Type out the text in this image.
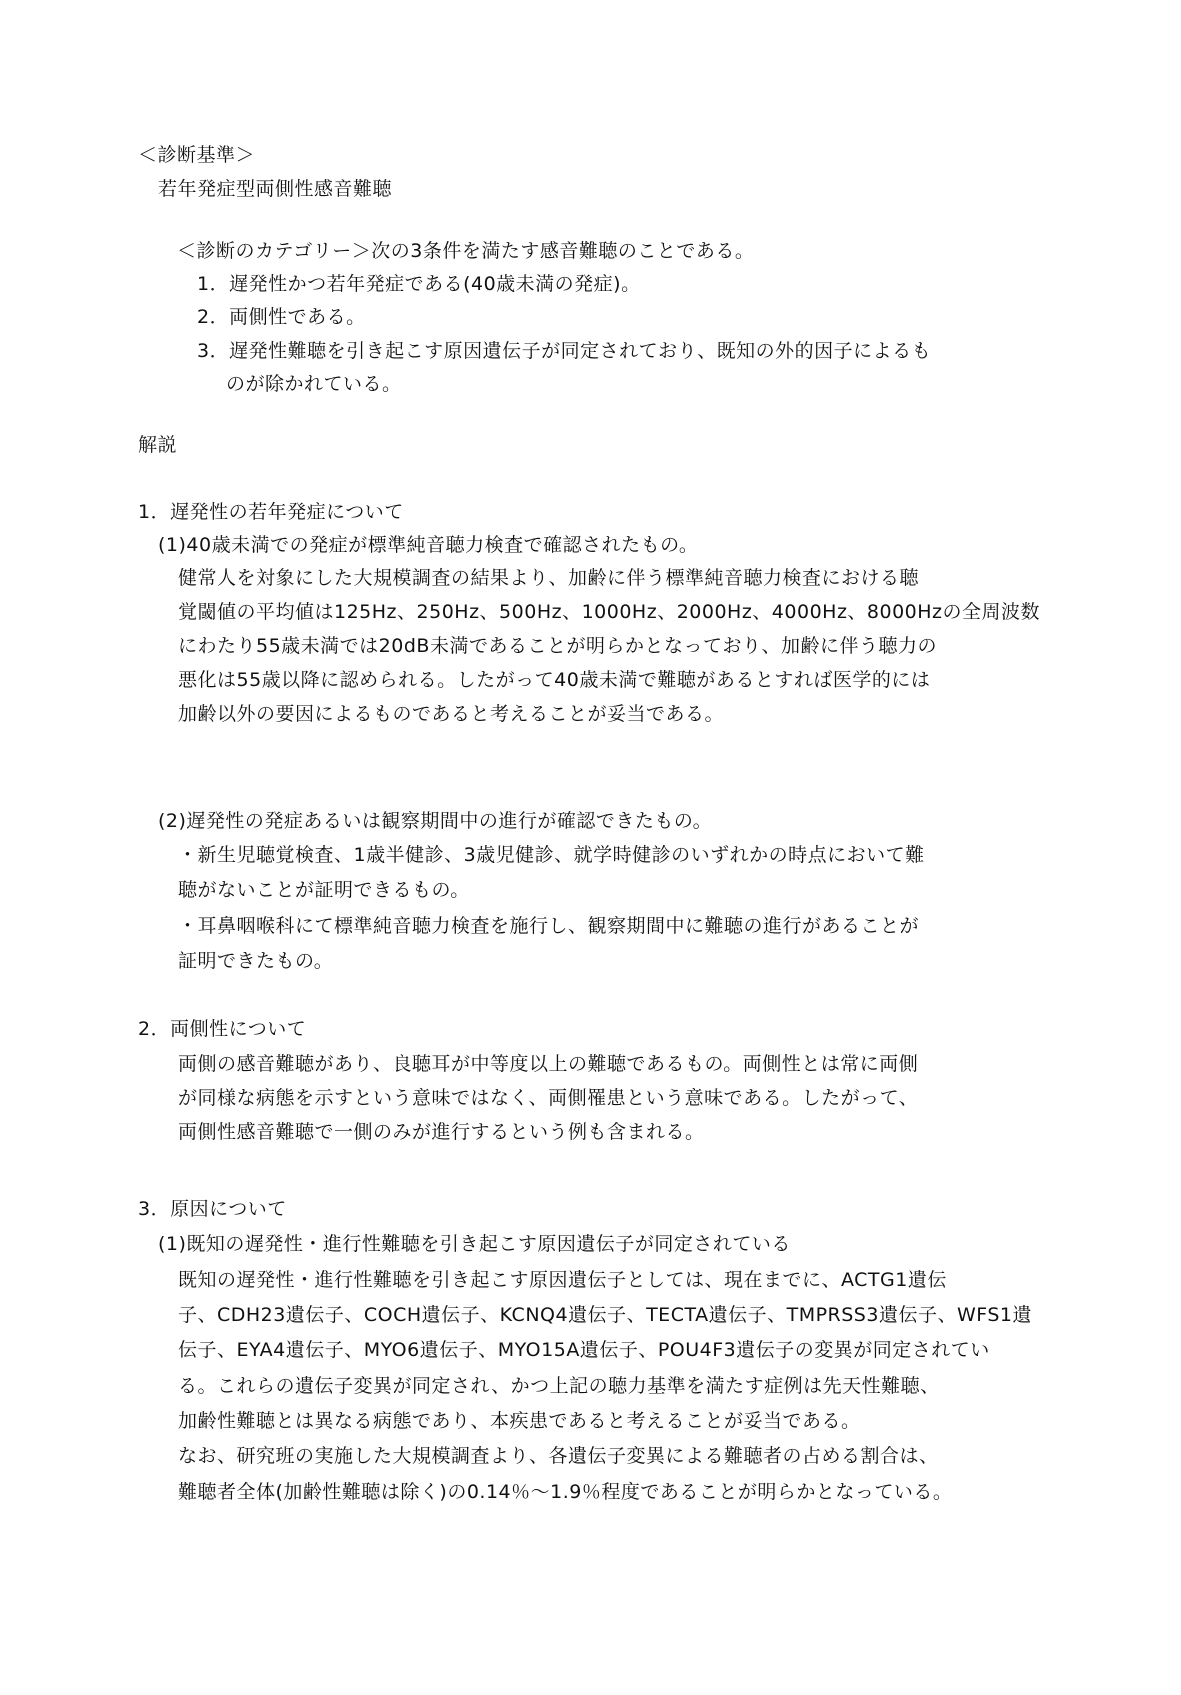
＜診断基準＞
若年発症型両側性感音難聴
＜診断のカテゴリー＞次の3条件を満たす感音難聴のことである。
1．遅発性かつ若年発症である(40歳未満の発症)。
2．両側性である。
3．遅発性難聴を引き起こす原因遺伝子が同定されており、既知の外的因子によるも
のが除かれている。
解説
1．遅発性の若年発症について
(1)40歳未満での発症が標準純音聴力検査で確認されたもの。
健常人を対象にした大規模調査の結果より、加齢に伴う標準純音聴力検査における聴
覚閾値の平均値は125Hz、250Hz、500Hz、1000Hz、2000Hz、4000Hz、8000Hzの全周波数
にわたり55歳未満では20dB未満であることが明らかとなっており、加齢に伴う聴力の
悪化は55歳以降に認められる。したがって40歳未満で難聴があるとすれば医学的には
加齢以外の要因によるものであると考えることが妥当である。
(2)遅発性の発症あるいは観察期間中の進行が確認できたもの。
・新生児聴覚検査、1歳半健診、3歳児健診、就学時健診のいずれかの時点において難
聴がないことが証明できるもの。
・耳鼻咽喉科にて標準純音聴力検査を施行し、観察期間中に難聴の進行があることが
証明できたもの。
2．両側性について
両側の感音難聴があり、良聴耳が中等度以上の難聴であるもの。両側性とは常に両側
が同様な病態を示すという意味ではなく、両側罹患という意味である。したがって、
両側性感音難聴で一側のみが進行するという例も含まれる。
3．原因について
(1)既知の遅発性・進行性難聴を引き起こす原因遺伝子が同定されている
既知の遅発性・進行性難聴を引き起こす原因遺伝子としては、現在までに、ACTG1遺伝
子、CDH23遺伝子、COCH遺伝子、KCNQ4遺伝子、TECTA遺伝子、TMPRSS3遺伝子、WFS1遺
伝子、EYA4遺伝子、MYO6遺伝子、MYO15A遺伝子、POU4F3遺伝子の変異が同定されてい
る。これらの遺伝子変異が同定され、かつ上記の聴力基準を満たす症例は先天性難聴、
加齢性難聴とは異なる病態であり、本疾患であると考えることが妥当である。
なお、研究班の実施した大規模調査より、各遺伝子変異による難聴者の占める割合は、
難聴者全体(加齢性難聴は除く)の0.14％～1.9％程度であることが明らかとなっている。
